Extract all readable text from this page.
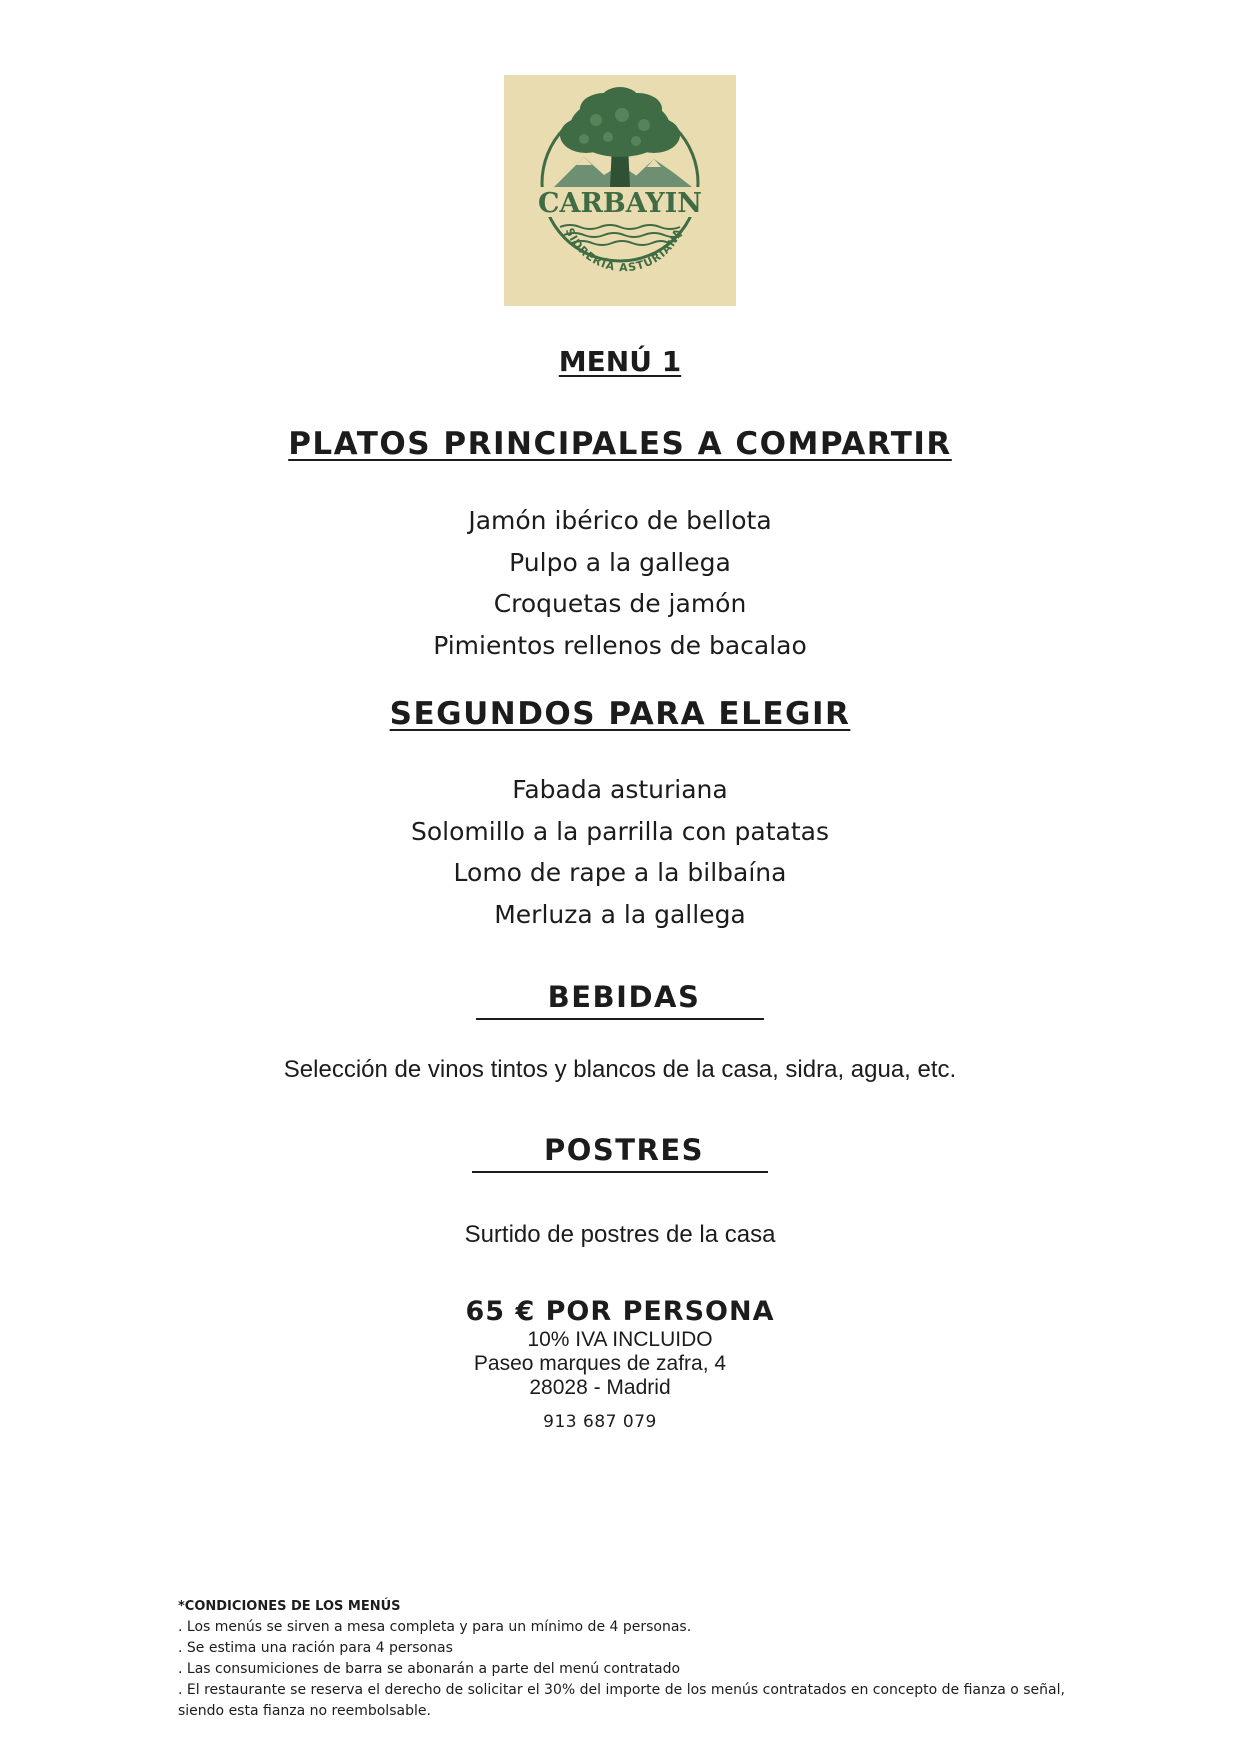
CARBAYIN
SIDRERÍA ASTURIANA
MENÚ 1
PLATOS PRINCIPALES A COMPARTIR
Jamón ibérico de bellota
Pulpo a la gallega
Croquetas de jamón
Pimientos rellenos de bacalao
SEGUNDOS PARA ELEGIR
Fabada asturiana
Solomillo a la parrilla con patatas
Lomo de rape a la bilbaína
Merluza a la gallega
BEBIDAS
Selección de vinos tintos y blancos de la casa, sidra, agua, etc.
POSTRES
Surtido de postres de la casa
65 € POR PERSONA
10% IVA INCLUIDO
Paseo marques de zafra, 4
28028 - Madrid
913 687 079
*CONDICIONES DE LOS MENÚS
. Los menús se sirven a mesa completa y para un mínimo de 4 personas.
. Se estima una ración para 4 personas
. Las consumiciones de barra se abonarán a parte del menú contratado
. El restaurante se reserva el derecho de solicitar el 30% del importe de los menús contratados en concepto de fianza o señal, siendo esta fianza no reembolsable.
